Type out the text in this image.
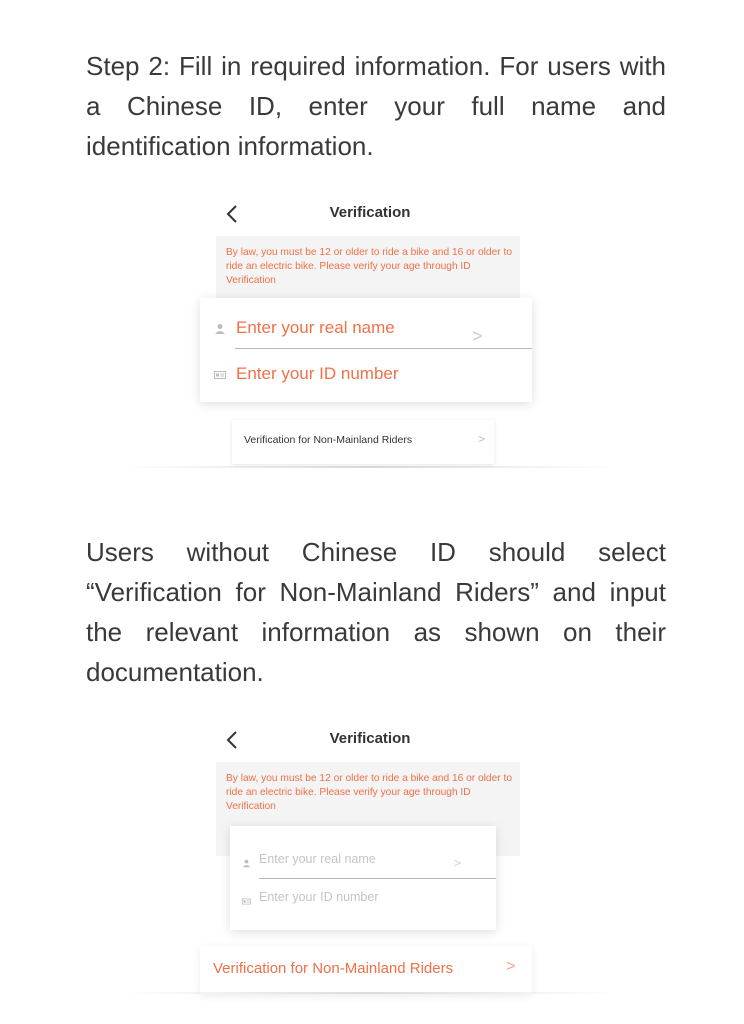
Step 2: Fill in required information. For users with a Chinese ID, enter your full name and identification information.

Verification
By law, you must be 12 or older to ride a bike and 16 or older to ride an electric bike. Please verify your age through ID Verification
Enter your real name	>
Enter your ID number
Verification for Non-Mainland Riders	>

Users without Chinese ID should select “Verification for Non-Mainland Riders” and input the relevant information as shown on their documentation.

Verification
By law, you must be 12 or older to ride a bike and 16 or older to ride an electric bike. Please verify your age through ID Verification
Enter your real name	>
Enter your ID number
Verification for Non-Mainland Riders	>
